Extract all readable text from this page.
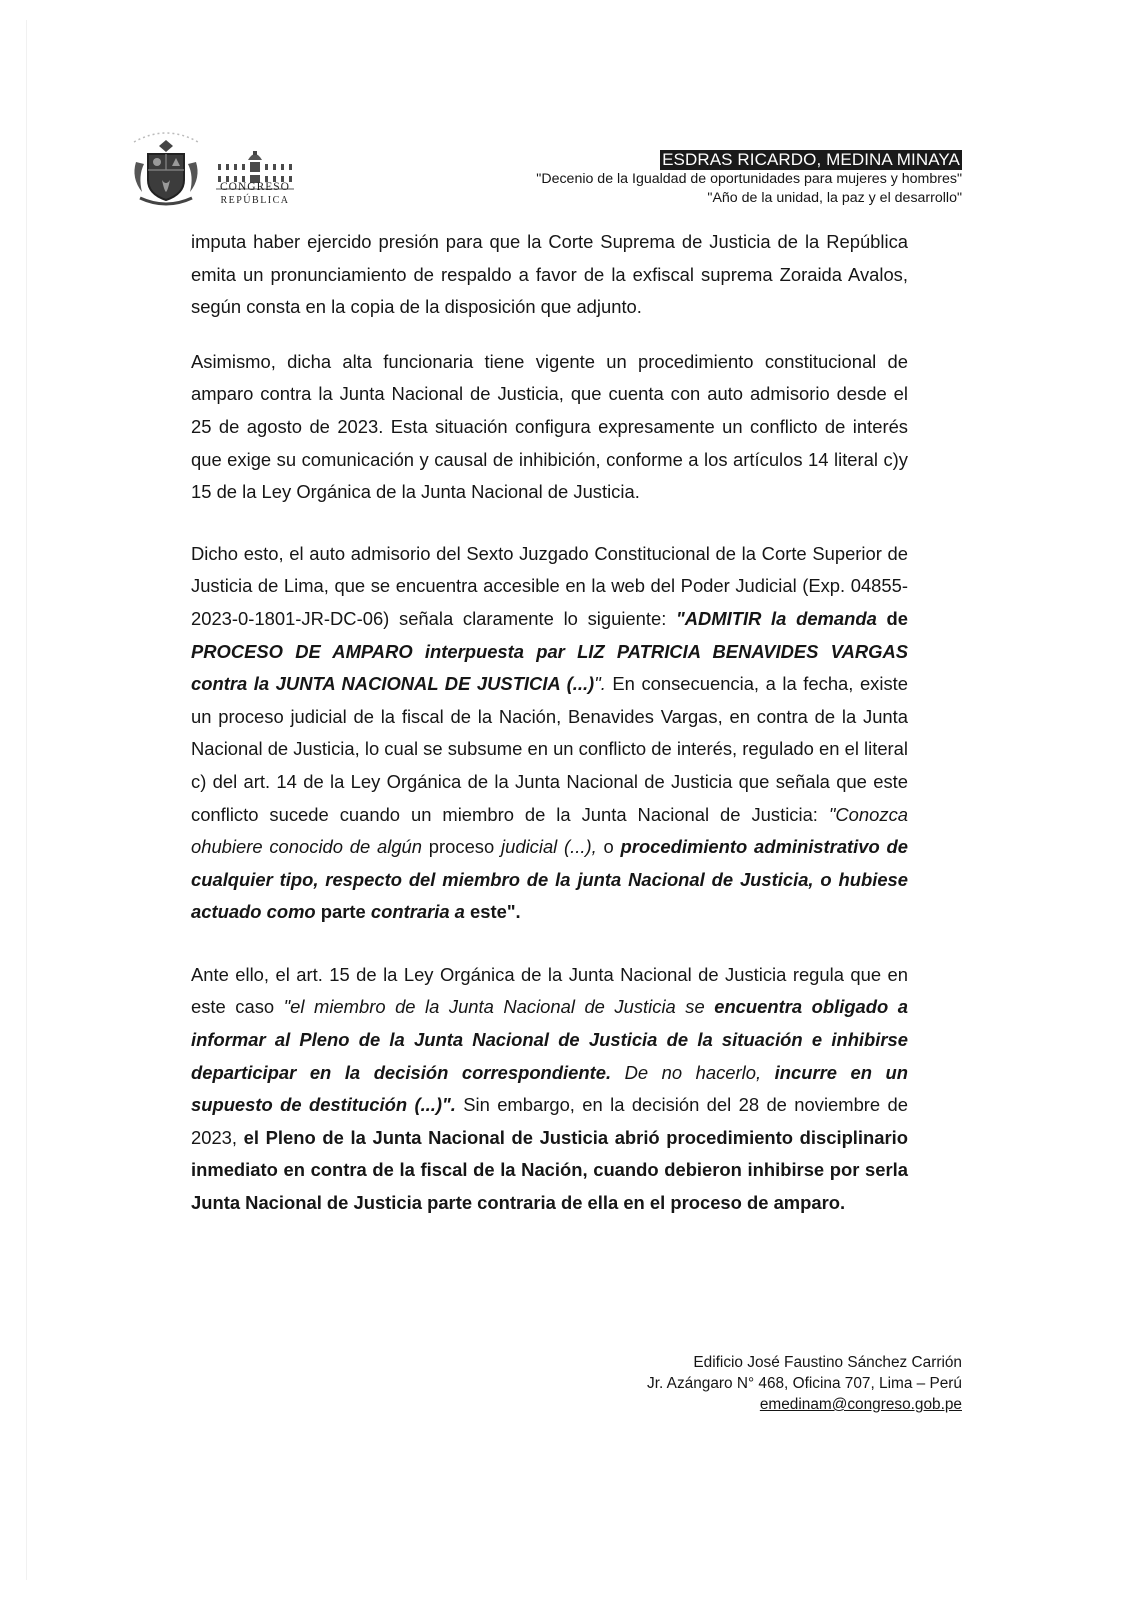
CONGRESO
REPÚBLICA
ESDRAS RICARDO, MEDINA MINAYA
"Decenio de la Igualdad de oportunidades para mujeres y hombres"
"Año de la unidad, la paz y el desarrollo"

imputa haber ejercido presión para que la Corte Suprema de Justicia de la República emita un pronunciamiento de respaldo a favor de la exfiscal suprema Zoraida Avalos, según consta en la copia de la disposición que adjunto.

Asimismo, dicha alta funcionaria tiene vigente un procedimiento constitucional de amparo contra la Junta Nacional de Justicia, que cuenta con auto admisorio desde el 25 de agosto de 2023. Esta situación configura expresamente un conflicto de interés que exige su comunicación y causal de inhibición, conforme a los artículos 14 literal c)y 15 de la Ley Orgánica de la Junta Nacional de Justicia.

Dicho esto, el auto admisorio del Sexto Juzgado Constitucional de la Corte Superior de Justicia de Lima, que se encuentra accesible en la web del Poder Judicial (Exp. 04855-2023-0-1801-JR-DC-06) señala claramente lo siguiente: "ADMITIR la demanda de PROCESO DE AMPARO interpuesta par LIZ PATRICIA BENAVIDES VARGAS contra la JUNTA NACIONAL DE JUSTICIA (...)". En consecuencia, a la fecha, existe un proceso judicial de la fiscal de la Nación, Benavides Vargas, en contra de la Junta Nacional de Justicia, lo cual se subsume en un conflicto de interés, regulado en el literal c) del art. 14 de la Ley Orgánica de la Junta Nacional de Justicia que señala que este conflicto sucede cuando un miembro de la Junta Nacional de Justicia: "Conozca ohubiere conocido de algún proceso judicial (...), o procedimiento administrativo de cualquier tipo, respecto del miembro de la junta Nacional de Justicia, o hubiese actuado como parte contraria a este".

Ante ello, el art. 15 de la Ley Orgánica de la Junta Nacional de Justicia regula que en este caso "el miembro de la Junta Nacional de Justicia se encuentra obligado a informar al Pleno de la Junta Nacional de Justicia de la situación e inhibirse departicipar en la decisión correspondiente. De no hacerlo, incurre en un supuesto de destitución (...)". Sin embargo, en la decisión del 28 de noviembre de 2023, el Pleno de la Junta Nacional de Justicia abrió procedimiento disciplinario inmediato en contra de la fiscal de la Nación, cuando debieron inhibirse por serla Junta Nacional de Justicia parte contraria de ella en el proceso de amparo.

Edificio José Faustino Sánchez Carrión
Jr. Azángaro N° 468, Oficina 707, Lima – Perú
emedinam@congreso.gob.pe
